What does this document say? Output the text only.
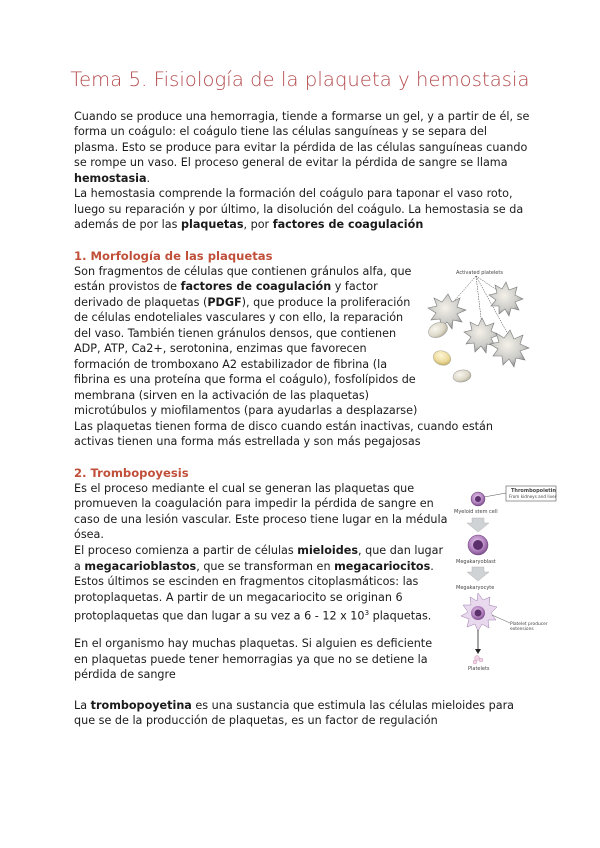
Tema 5. Fisiología de la plaqueta y hemostasia

Cuando se produce una hemorragia, tiende a formarse un gel, y a partir de él, se

forma un coágulo: el coágulo tiene las células sanguíneas y se separa del

plasma. Esto se produce para evitar la pérdida de las células sanguíneas cuando

se rompe un vaso. El proceso general de evitar la pérdida de sangre se llama

hemostasia.

La hemostasia comprende la formación del coágulo para taponar el vaso roto,

luego su reparación y por último, la disolución del coágulo. La hemostasia se da

además de por las plaquetas, por factores de coagulación

1. Morfología de las plaquetas

Son fragmentos de células que contienen gránulos alfa, que

están provistos de factores de coagulación y factor

derivado de plaquetas (PDGF), que produce la proliferación

de células endoteliales vasculares y con ello, la reparación

del vaso. También tienen gránulos densos, que contienen

ADP, ATP, Ca2+, serotonina, enzimas que favorecen

formación de tromboxano A2 estabilizador de fibrina (la

fibrina es una proteína que forma el coágulo), fosfolípidos de

membrana (sirven en la activación de las plaquetas)

microtúbulos y miofilamentos (para ayudarlas a desplazarse)

Las plaquetas tienen forma de disco cuando están inactivas, cuando están

activas tienen una forma más estrellada y son más pegajosas

Activated platelets
2. Trombopoyesis

Es el proceso mediante el cual se generan las plaquetas que

promueven la coagulación para impedir la pérdida de sangre en

caso de una lesión vascular. Este proceso tiene lugar en la médula

ósea.

El proceso comienza a partir de células mieloides, que dan lugar

a megacarioblastos, que se transforman en megacariocitos.

Estos últimos se escinden en fragmentos citoplasmáticos: las

protoplaquetas. A partir de un megacariocito se originan 6

protoplaquetas que dan lugar a su vez a 6 - 12 x $10^3$ plaquetas.

En el organismo hay muchas plaquetas. Si alguien es deficiente

en plaquetas puede tener hemorragias ya que no se detiene la

pérdida de sangre

La trombopoyetina es una sustancia que estimula las células mieloides para

que se de la producción de plaquetas, es un factor de regulación

Thrombopoietin
From kidneys and liver
Myeloid stem cell
Megakaryoblast
Megakaryocyte
Platelet producer
extensions
Platelets
